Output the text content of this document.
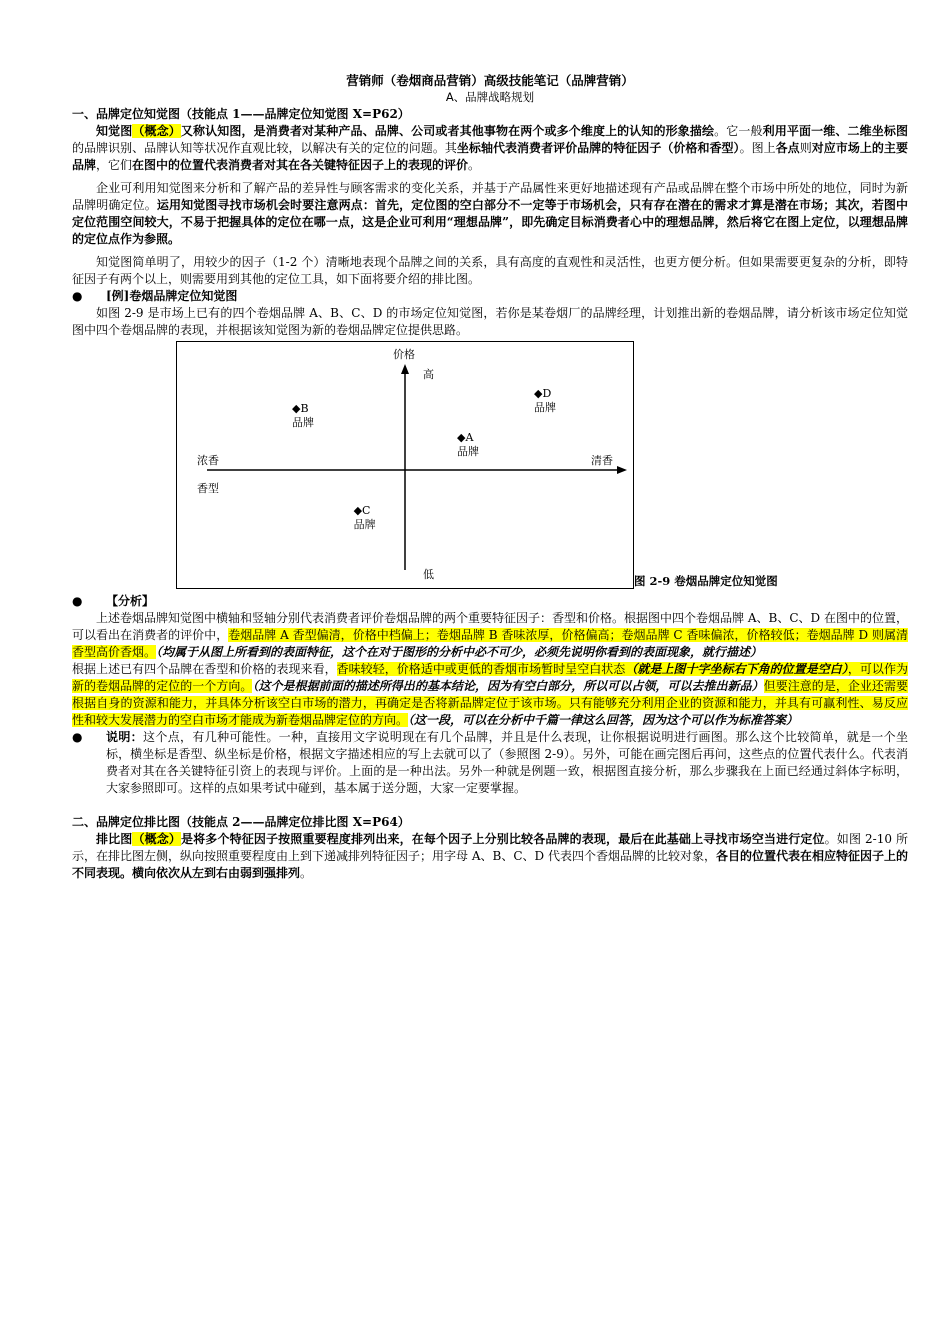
营销师（卷烟商品营销）高级技能笔记（品牌营销）

A、品牌战略规划

一、品牌定位知觉图（技能点 1——品牌定位知觉图 X=P62）

知觉图（概念）又称认知图，是消费者对某种产品、品牌、公司或者其他事物在两个或多个维度上的认知的形象描绘。它一般利用平面一维、二维坐标图的品牌识别、品牌认知等状况作直观比较，以解决有关的定位的问题。其坐标轴代表消费者评价品牌的特征因子（价格和香型）。图上各点则对应市场上的主要品牌，它们在图中的位置代表消费者对其在各关键特征因子上的表现的评价。

企业可利用知觉图来分析和了解产品的差异性与顾客需求的变化关系，并基于产品属性来更好地描述现有产品或品牌在整个市场中所处的地位，同时为新品牌明确定位。运用知觉图寻找市场机会时要注意两点：首先，定位图的空白部分不一定等于市场机会，只有存在潜在的需求才算是潜在市场；其次，若图中定位范围空间较大，不易于把握具体的定位在哪一点，这是企业可利用“理想品牌”，即先确定目标消费者心中的理想品牌，然后将它在图上定位，以理想品牌的定位点作为参照。

知觉图简单明了，用较少的因子（1-2 个）清晰地表现个品牌之间的关系，具有高度的直观性和灵活性，也更方便分析。但如果需要更复杂的分析，即特征因子有两个以上，则需要用到其他的定位工具，如下面将要介绍的排比图。

● [例]卷烟品牌定位知觉图

如图 2-9 是市场上已有的四个卷烟品牌 A、B、C、D 的市场定位知觉图，若你是某卷烟厂的品牌经理，计划推出新的卷烟品牌，请分析该市场定位知觉图中四个卷烟品牌的表现，并根据该知觉图为新的卷烟品牌定位提供思路。

价格
高
低
浓香
香型
清香
◆B
品牌
◆D
品牌
◆A
品牌
◆C
品牌
图 2-9 卷烟品牌定位知觉图

● 【分析】

上述卷烟品牌知觉图中横轴和竖轴分别代表消费者评价卷烟品牌的两个重要特征因子：香型和价格。根据图中四个卷烟品牌 A、B、C、D 在图中的位置，可以看出在消费者的评价中，卷烟品牌 A 香型偏清，价格中档偏上；卷烟品牌 B 香味浓厚，价格偏高；卷烟品牌 C 香味偏浓，价格较低；卷烟品牌 D 则属清香型高价香烟。（均属于从图上所看到的表面特征，这个在对于图形的分析中必不可少，必须先说明你看到的表面现象，就行描述）

根据上述已有四个品牌在香型和价格的表现来看，香味较轻，价格适中或更低的香烟市场暂时呈空白状态（就是上图十字坐标右下角的位置是空白），可以作为新的卷烟品牌的定位的一个方向。（这个是根据前面的描述所得出的基本结论，因为有空白部分，所以可以占领，可以去推出新品）但要注意的是，企业还需要根据自身的资源和能力，并具体分析该空白市场的潜力，再确定是否将新品牌定位于该市场。只有能够充分利用企业的资源和能力，并具有可赢利性、易反应性和较大发展潜力的空白市场才能成为新卷烟品牌定位的方向。（这一段，可以在分析中千篇一律这么回答，因为这个可以作为标准答案）

● 说明：这个点，有几种可能性。一种，直接用文字说明现在有几个品牌，并且是什么表现，让你根据说明进行画图。那么这个比较简单，就是一个坐标，横坐标是香型、纵坐标是价格，根据文字描述相应的写上去就可以了（参照图 2-9）。另外，可能在画完图后再问，这些点的位置代表什么。代表消费者对其在各关键特征引资上的表现与评价。上面的是一种出法。另外一种就是例题一致，根据图直接分析，那么步骤我在上面已经通过斜体字标明，大家参照即可。这样的点如果考试中碰到，基本属于送分题，大家一定要掌握。

二、品牌定位排比图（技能点 2——品牌定位排比图 X=P64）

排比图（概念）是将多个特征因子按照重要程度排列出来，在每个因子上分别比较各品牌的表现，最后在此基础上寻找市场空当进行定位。如图 2-10 所示，在排比图左侧，纵向按照重要程度由上到下递减排列特征因子；用字母 A、B、C、D 代表四个香烟品牌的比较对象，各目的位置代表在相应特征因子上的不同表现。横向依次从左到右由弱到强排列。
